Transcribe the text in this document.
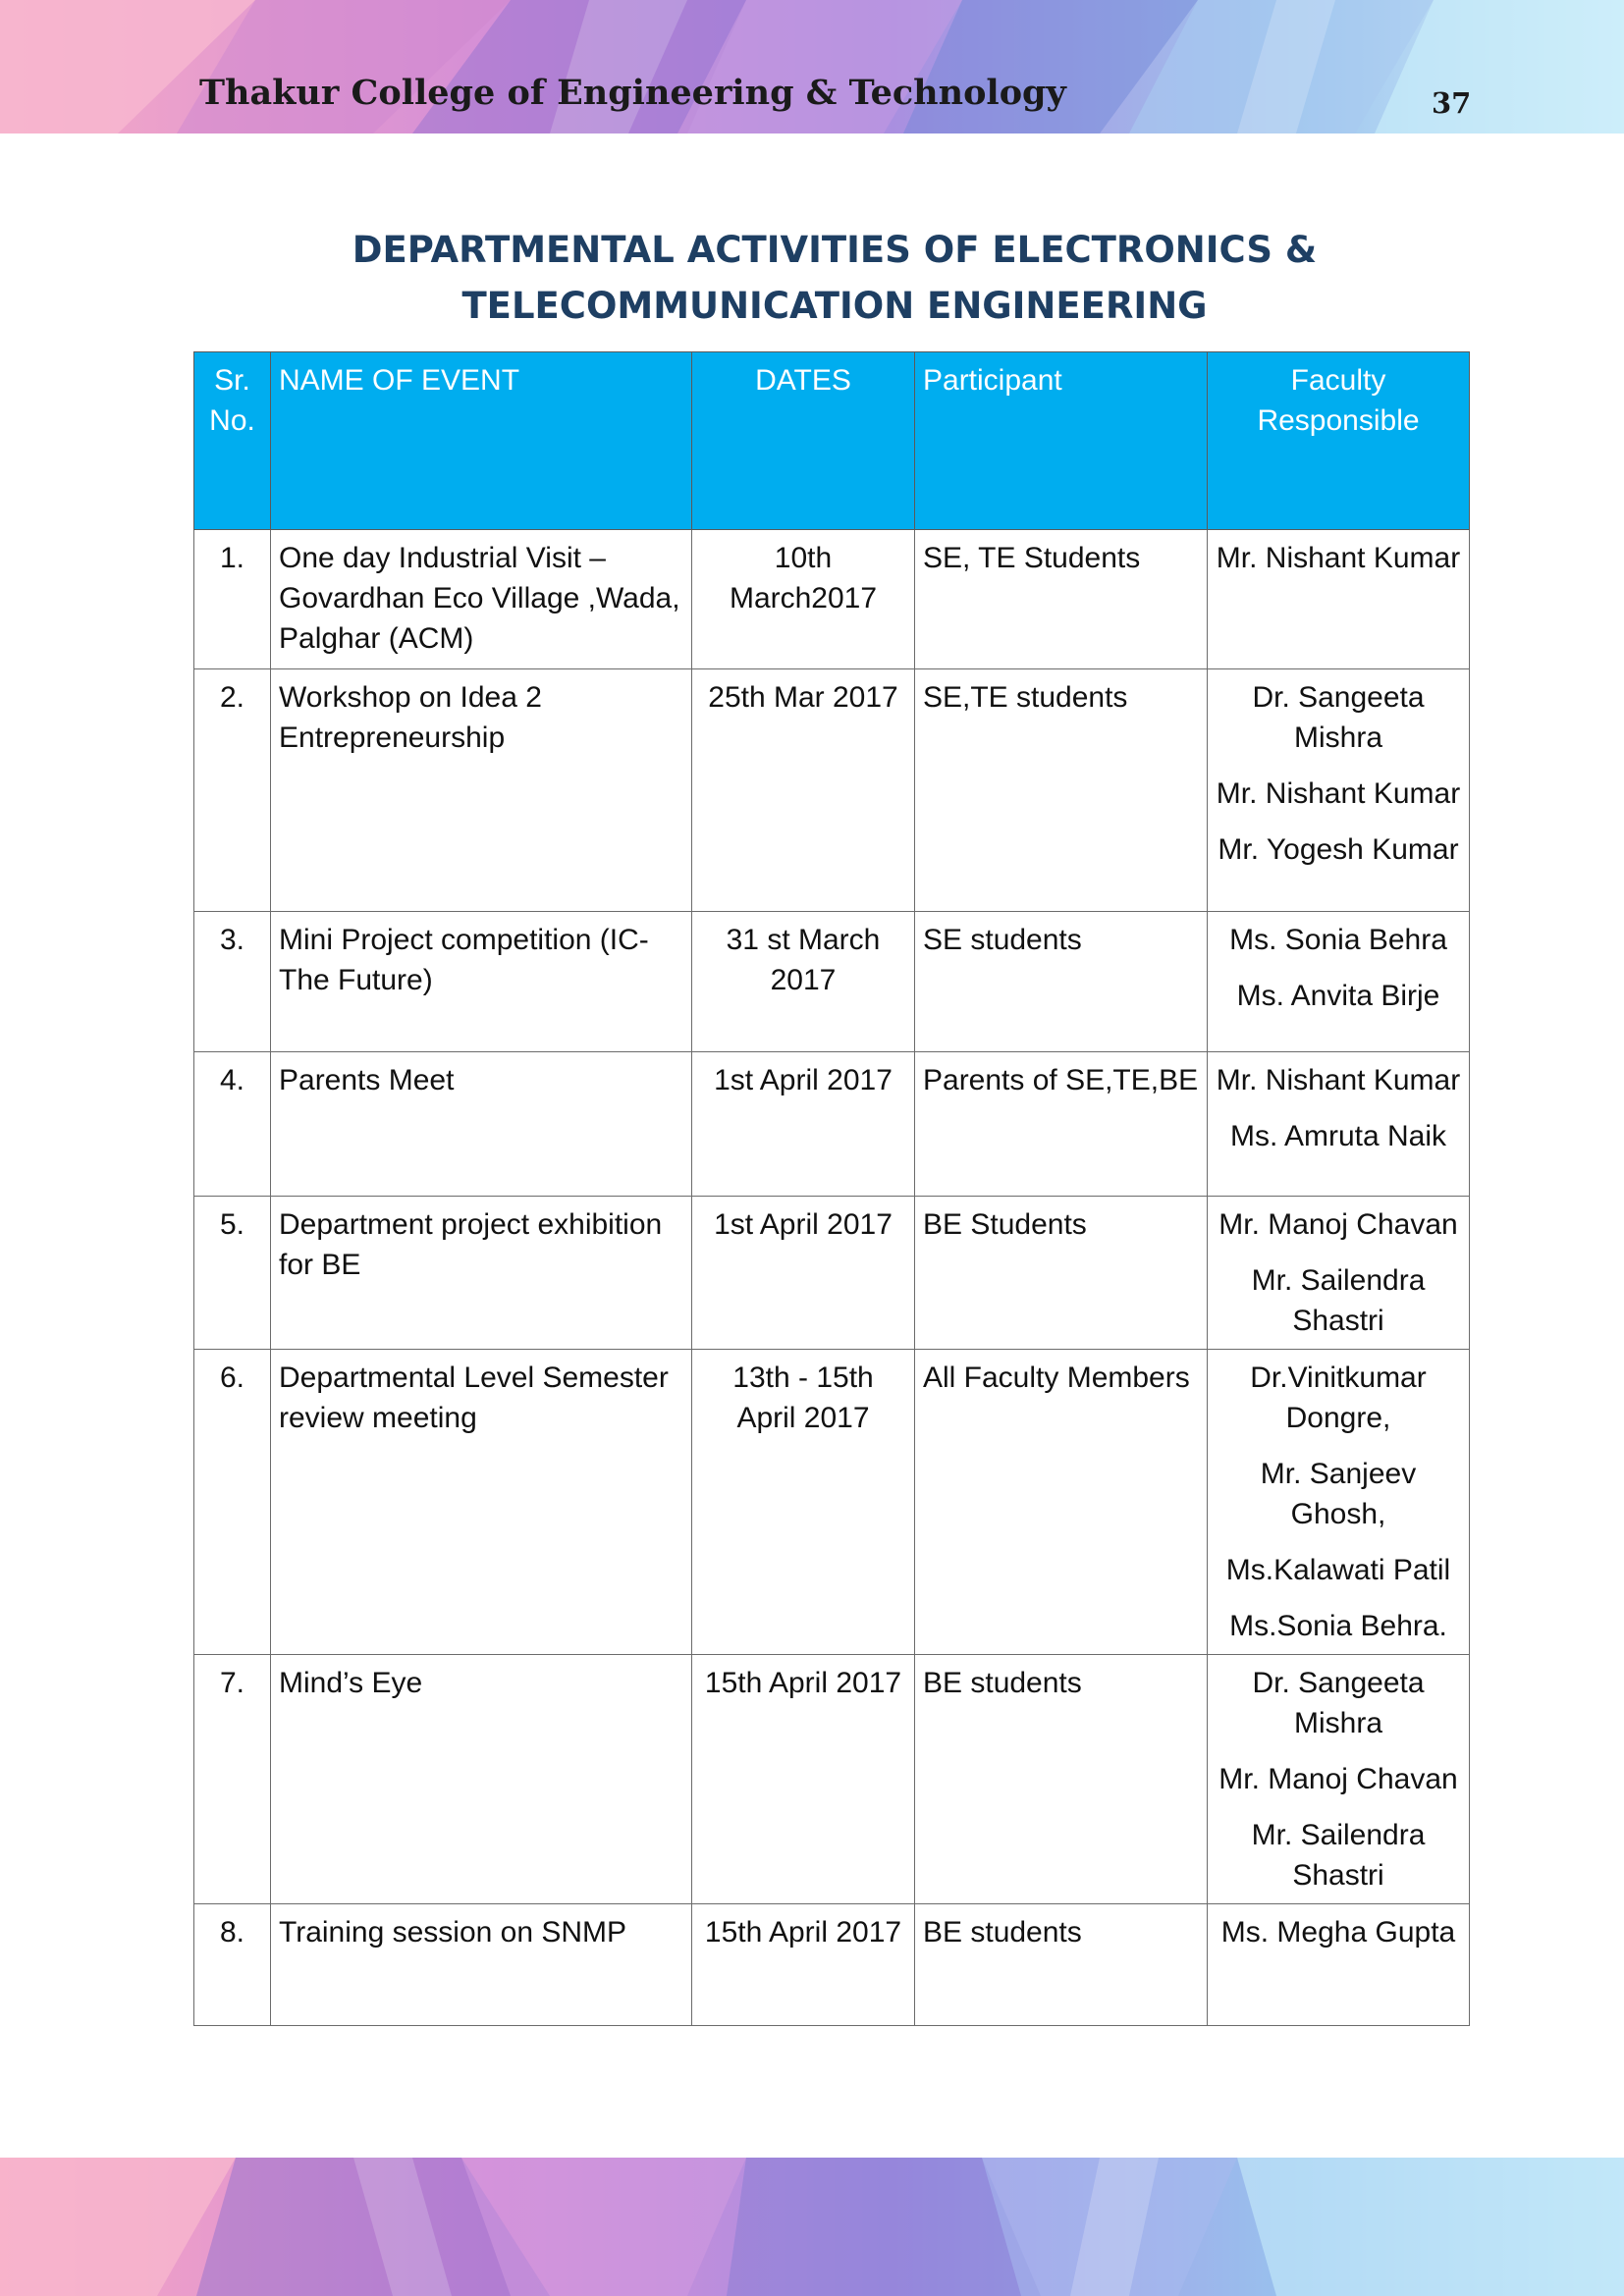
Thakur College of Engineering & Technology	37
DEPARTMENTAL ACTIVITIES OF ELECTRONICS &
TELECOMMUNICATION ENGINEERING
Sr. No.	NAME OF EVENT	DATES	Participant	Faculty Responsible
1.	One day Industrial Visit – Govardhan Eco Village ,Wada, Palghar (ACM)	10th March2017	SE, TE Students	Mr. Nishant Kumar

2.	Workshop on Idea 2 Entrepreneurship	25th Mar 2017	SE,TE students	Dr. Sangeeta Mishra
Mr. Nishant Kumar
Mr. Yogesh Kumar

3.	Mini Project competition (IC-The Future)	31 st March 2017	SE students	Ms. Sonia Behra
Ms. Anvita Birje

4.	Parents Meet	1st April 2017	Parents of SE,TE,BE	Mr. Nishant Kumar
Ms. Amruta Naik

5.	Department project exhibition for BE	1st April 2017	BE Students	Mr. Manoj Chavan
Mr. Sailendra Shastri

6.	Departmental Level Semester review meeting	13th - 15th April 2017	All Faculty Members	Dr.Vinitkumar Dongre,
Mr. Sanjeev Ghosh,
Ms.Kalawati Patil
Ms.Sonia Behra.

7.	Mind’s Eye	15th April 2017	BE students	Dr. Sangeeta Mishra
Mr. Manoj Chavan
Mr. Sailendra Shastri

8.	Training session on SNMP	15th April 2017	BE students	Ms. Megha Gupta
